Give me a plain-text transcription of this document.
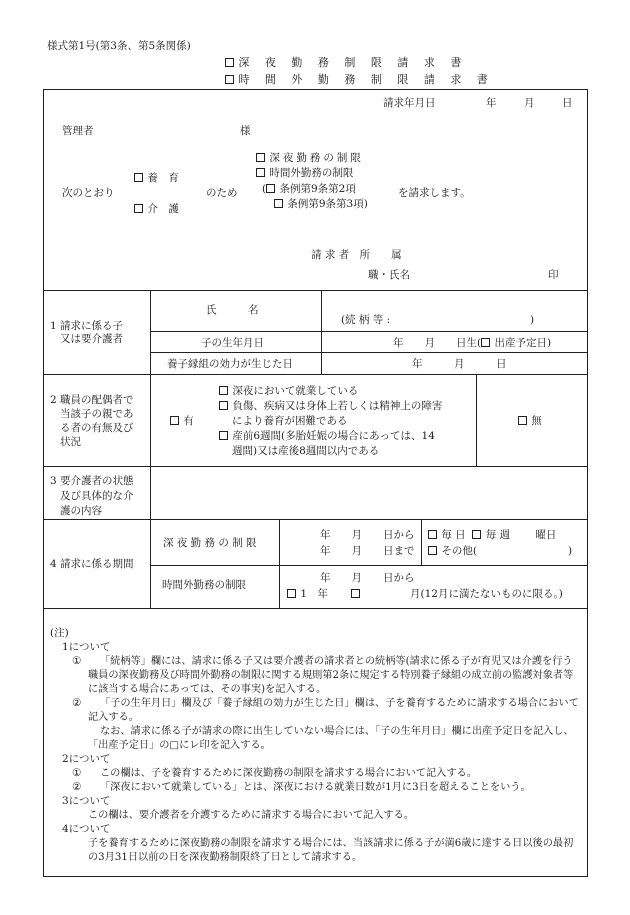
様式第1号(第3条、第5条関係)
深 夜 勤 務 制 限 請 求 書
時 間 外 勤 務 制 限 請 求 書
請求年月日	年	月	日
管理者	様
次のとおり
養　育
介　護
のため
深夜勤務の制限
時間外勤務の制限
( 条例第9条第2項
条例第9条第3項)
を請求します。
請 求 者　所　　属
職・氏名	印
1 請求に係る子
又は要介護者
氏　　　名
(続 柄 等 :	)
子の生年月日	年　　月　　日生( 出産予定日)
養子縁組の効力が生じた日	年　　　月　　　日
2 職員の配偶者で
当該子の親であ
る者の有無及び
状況
有
深夜において就業している
負傷、疾病又は身体上若しくは精神上の障害
により養育が困難である
産前6週間(多胎妊娠の場合にあっては、14
週間)又は産後8週間以内である
無
3 要介護者の状態
及び具体的な介
護の内容
4 請求に係る期間
深 夜 勤 務 の 制 限
年　　月　　日から
年　　月　　日まで
毎 日 毎 週 曜日
その他(	)
時間外勤務の制限
年　　月　　日から
1　年	月(12月に満たないものに限る。)
(注)
1について
①	「続柄等」欄には、請求に係る子又は要介護者の請求者との続柄等(請求に係る子が育児又は介護を行う職員の深夜勤務及び時間外勤務の制限に関する規則第2条に規定する特別養子縁組の成立前の監護対象者等に該当する場合にあっては、その事実)を記入する。
②	「子の生年月日」欄及び「養子縁組の効力が生じた日」欄は、子を養育するために請求する場合において記入する。
なお、請求に係る子が請求の際に出生していない場合には、「子の生年月日」欄に出産予定日を記入し、「出産予定日」の□にレ印を記入する。
2について
①	この欄は、子を養育するために深夜勤務の制限を請求する場合において記入する。
②	「深夜において就業している」とは、深夜における就業日数が1月に3日を超えることをいう。
3について
この欄は、要介護者を介護するために請求する場合において記入する。
4について
子を養育するために深夜勤務の制限を請求する場合には、当該請求に係る子が満6歳に達する日以後の最初の3月31日以前の日を深夜勤務制限終了日として請求する。
